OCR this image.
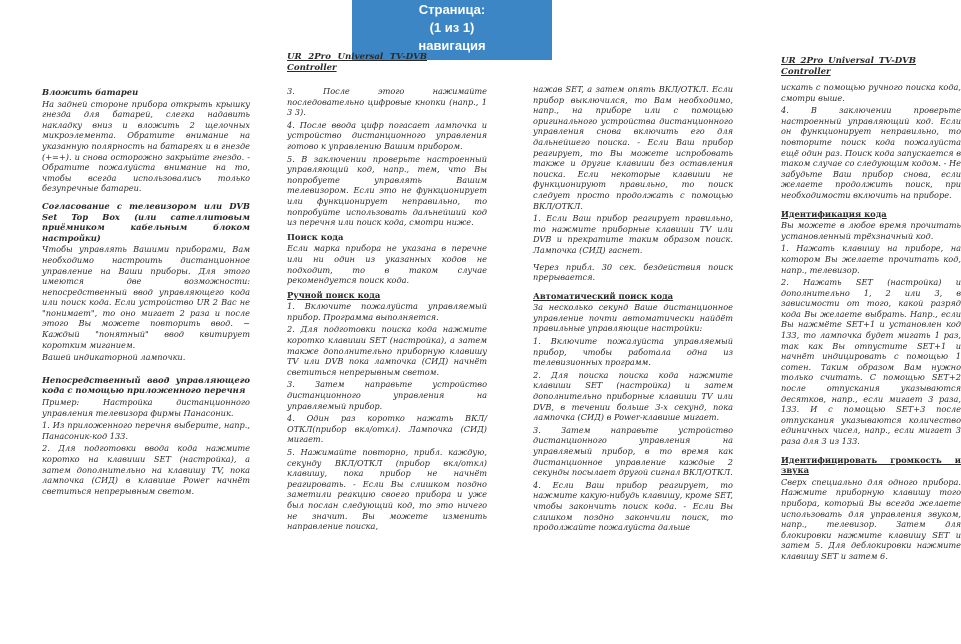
Страница:
(1 из 1)
навигация
Вложить батареи

На задней стороне прибора открыть крышку гнезда для батарей, слегка надавить накладку вниз и вложить 2 щелочных микроэлемента. Обратите внимание на указанную полярность на батареях и в гнезде (+=+). и снова осторожно закрыйте гнездо. - Обратите пожалуйста внимание на то, чтобы всегда использовались только безупречные батареи.

Согласование с телевизором или DVB Set Top Box (или сателлитовым приёмником кабельным блоком настройки)

Чтобы управлять Вашими приборами, Вам необходимо настроить дистанционное управление на Ваши приборы. Для этого имеются две возможности: непосредственный ввод управляющего кода или поиск кода. Если устройство UR 2 Вас не "понимает", то оно мигает 2 раза и после этого Вы можете повторить ввод. ~ Каждый "понятный" ввод квитирует коротким миганием.

Вашей индикаторной лампочки.

Непосредственный ввод управляющего кода с помощью приложенного перечня

Пример: Настройка дистанционного управления телевизора фирмы Панасоник.

1. Из приложенного перечня выберите, напр., Панасоник-код 133.

2. Для подготовки ввода кода нажмите коротко на клавиши SET (настройка), а затем дополнительно на клавишу TV, пока лампочка (СИД) в клавише Power начнёт светиться непрерывным светом.

UR 2Pro Universal TV-DVB Controller

3. После этого нажимайте последовательно цифровые кнопки (напр., 1 3 3).

4. После ввода цифр погасает лампочка и устройство дистанционного управления готово к управлению Вашим прибором.

5. В заключении проверьте настроенный управляющий код, напр., тем, что Вы попробуете управлять Вашим телевизором. Если это не функционирует или функционирует неправильно, то попробуйте использовать дальнейший код из перечня или поиск кода, смотри ниже.

Поиск кода

Если марка прибора не указана в перечне или ни один из указанных кодов не подходит, то в таком случае рекомендуется поиск кода.

Ручной поиск кода

1. Включите пожалуйста управляемый прибор. Программа выполняется.

2. Для подготовки поиска кода нажмите коротко клавиши SET (настройка), а затем также дополнительно приборную клавишу TV или DVB пока лампочка (СИД) начнёт светиться непрерывным светом.

3. Затем направьте устройство дистанционного управления на управляемый прибор.

4. Один раз коротко нажать ВКЛ/ОТКЛ(прибор вкл/откл). Лампочка (СИД) мигает.

5. Нажимайте повторно, прибл. каждую, секунду ВКЛ/ОТКЛ (прибор вкл/откл) клавишу, пока прибор не начнёт реагировать. - Если Вы слишком поздно заметили реакцию своего прибора и уже был послан следующий код, то это ничего не значит. Вы можете изменить направление поиска,

нажав SET, а затем опять ВКЛ/ОТКЛ. Если прибор выключился, то Вам необходимо, напр., на приборе или с помощью оригинального устройства дистанционного управления снова включить его для дальнейшего поиска. - Если Ваш прибор реагирует, то Вы можете испробовать также и другие клавиши без оставления поиска. Если некоторые клавиши не функционируют правильно, то поиск следует просто продолжать с помощью ВКЛ/ОТКЛ.

1. Если Ваш прибор реагирует правильно, то нажмите приборные клавиши TV или DVB и прекратите таким образом поиск. Лампочка (СИД) гаснет.

Через прибл. 30 сек. бездействия поиск прерывается.

Автоматический поиск кода

За несколько секунд Ваше дистанционное управление почти автоматически найдёт правильные управляющие настройки:

1. Включите пожалуйста управляемый прибор, чтобы работала одна из телевизионных программ.

2. Для поиска поиска кода нажмите клавиши SET (настройка) и затем дополнительно приборные клавиши TV или DVB, в течении больше 3-х секунд, пока лампочка (СИД) в Power-клавише мигает.

3. Затем направьте устройство дистанционного управления на управляемый прибор, в то время как дистанционное управление каждые 2 секунды посылает другой сигнал ВКЛ/ОТКЛ.

4. Если Ваш прибор реагирует, то нажмите какую-нибудь клавишу, кроме SET, чтобы закончить поиск кода. - Если Вы слишком поздно закончили поиск, то продолжайте пожалуйста дальше

UR 2Pro Universal TV-DVB Controller

искать с помощью ручного поиска кода, смотри выше.

4. В заключении проверьте настроенный управляющий код. Если он функционирует неправильно, то повторите поиск кода пожалуйста ещё один раз. Поиск кода запускается в таком случае со следующим кодом. - Не забудьте Ваш прибор снова, если желаете продолжить поиск, при необходимости включить на приборе.

Идентификация кода

Вы можете в любое время прочитать установленный трёхзначный код.

1. Нажать клавишу на приборе, на котором Вы желаете прочитать код, напр., телевизор.

2. Нажать SET (настройка) и дополнительно 1, 2 или 3, в зависимости от того, какой разряд кода Вы желаете выбрать. Напр., если Вы нажмёте SET+1 и установлен код 133, то лампочка будет мигать 1 раз, так как Вы отпустите SET+1 и начнёт индицировать с помощью 1 сотен. Таким образом Вам нужно только считать. С помощью SET+2 после отпускания указываются десятков, напр., если мигает 3 раза, 133. И с помощью SET+3 после отпускания указываются количество единичных чисел, напр., если мигает 3 раза для 3 из 133.

Идентифицировать громкость и звука

Сверх специально для одного прибора. Нажмите приборную клавишу того прибора, который Вы всегда желаете использовать для управления звуком, напр., телевизор. Затем для блокировки нажмите клавишу SET и затем 5. Для деблокировки нажмите клавишу SET и затем 6.
